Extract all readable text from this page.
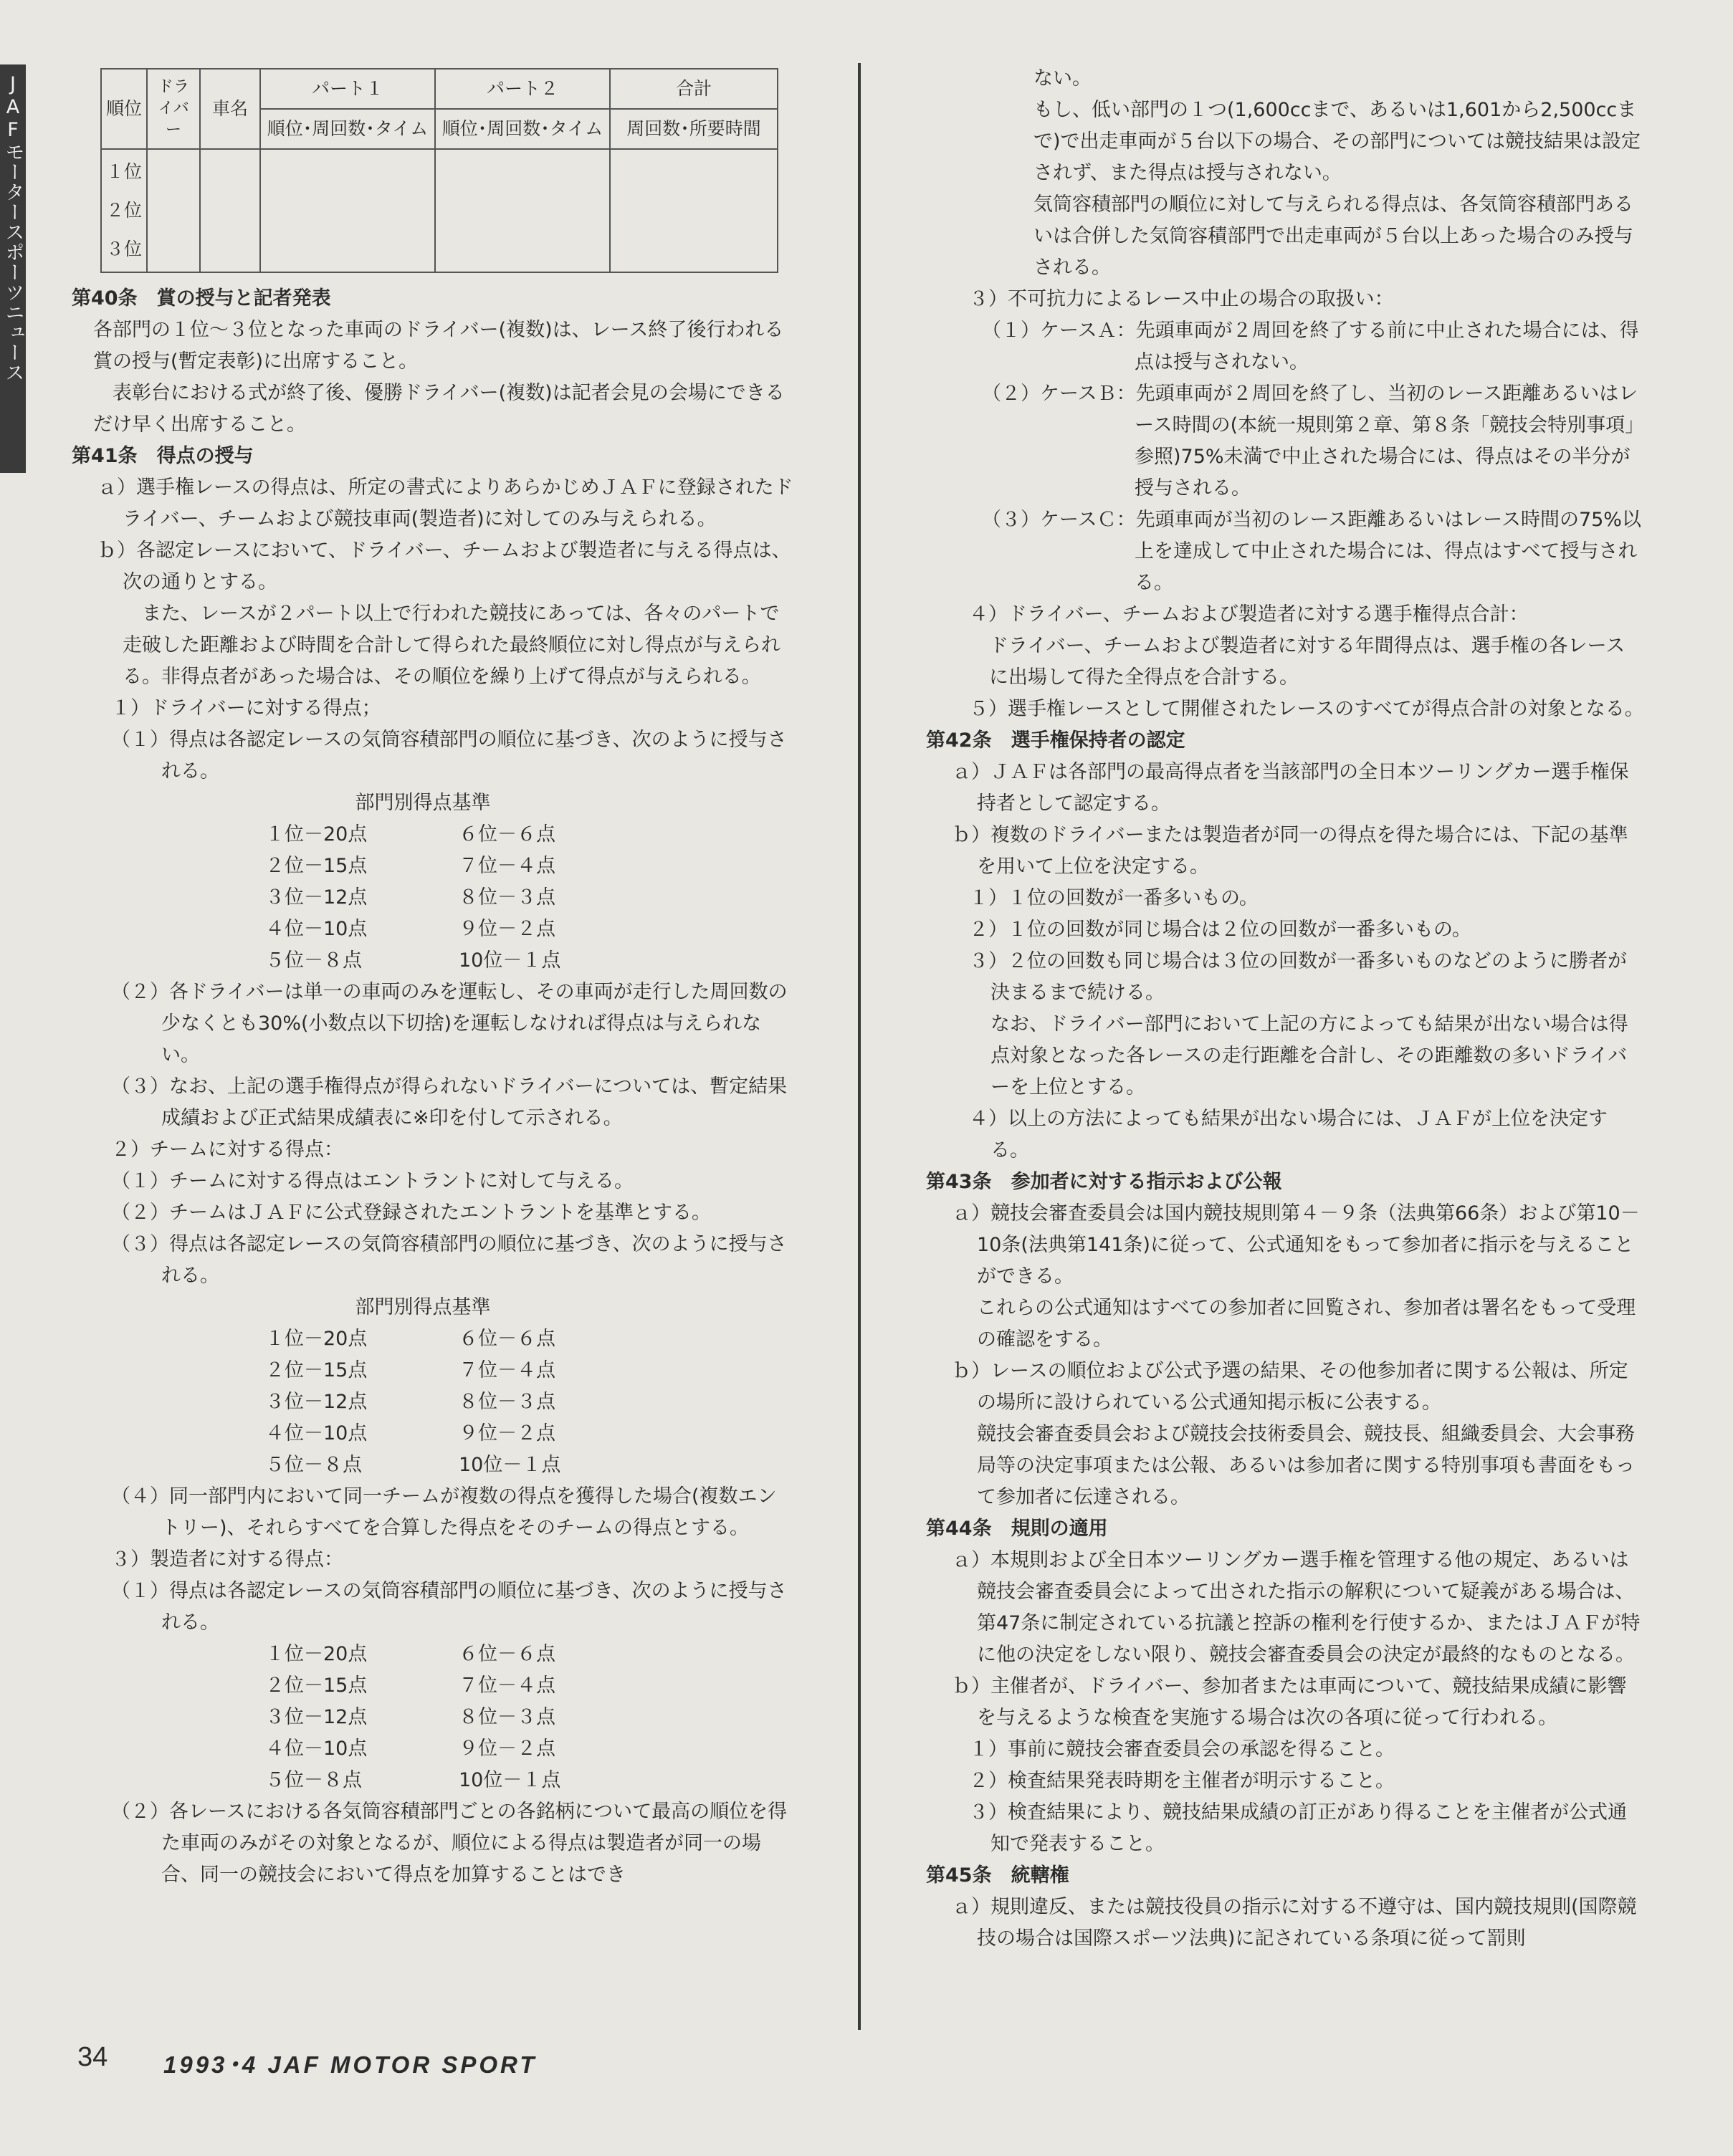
JAFモータースポーツニュース	順位	ドライバー	車名	パート１	パート２	合計
			順位･周回数･タイム	順位･周回数･タイム	周回数･所要時間

１位
２位
３位					

第40条　賞の授与と記者発表

各部門の１位～３位となった車両のドライバー(複数)は、レース終了後行われる賞の授与(暫定表彰)に出席すること。

表彰台における式が終了後、優勝ドライバー(複数)は記者会見の会場にできるだけ早く出席すること。

第41条　得点の授与

ａ）選手権レースの得点は、所定の書式によりあらかじめＪＡＦに登録されたドライバー、チームおよび競技車両(製造者)に対してのみ与えられる。

ｂ）各認定レースにおいて、ドライバー、チームおよび製造者に与える得点は、次の通りとする。

また、レースが２パート以上で行われた競技にあっては、各々のパートで走破した距離および時間を合計して得られた最終順位に対し得点が与えられる。非得点者があった場合は、その順位を繰り上げて得点が与えられる。

１）ドライバーに対する得点；

（１）得点は各認定レースの気筒容積部門の順位に基づき、次のように授与される。

部門別得点基準
１位－20点	６位－６点
２位－15点	７位－４点
３位－12点	８位－３点
４位－10点	９位－２点
５位－８点	10位－１点

（２）各ドライバーは単一の車両のみを運転し、その車両が走行した周回数の少なくとも30%(小数点以下切捨)を運転しなければ得点は与えられない。

（３）なお、上記の選手権得点が得られないドライバーについては、暫定結果成績および正式結果成績表に※印を付して示される。

２）チームに対する得点：

（１）チームに対する得点はエントラントに対して与える。

（２）チームはＪＡＦに公式登録されたエントラントを基準とする。

（３）得点は各認定レースの気筒容積部門の順位に基づき、次のように授与される。

部門別得点基準
１位－20点	６位－６点
２位－15点	７位－４点
３位－12点	８位－３点
４位－10点	９位－２点
５位－８点	10位－１点

（４）同一部門内において同一チームが複数の得点を獲得した場合(複数エントリー)、それらすべてを合算した得点をそのチームの得点とする。

３）製造者に対する得点：

（１）得点は各認定レースの気筒容積部門の順位に基づき、次のように授与される。

１位－20点	６位－６点
２位－15点	７位－４点
３位－12点	８位－３点
４位－10点	９位－２点
５位－８点	10位－１点

（２）各レースにおける各気筒容積部門ごとの各銘柄について最高の順位を得た車両のみがその対象となるが、順位による得点は製造者が同一の場合、同一の競技会において得点を加算することはでき

ない。

もし、低い部門の１つ(1,600ccまで、あるいは1,601から2,500ccまで)で出走車両が５台以下の場合、その部門については競技結果は設定されず、また得点は授与されない。

気筒容積部門の順位に対して与えられる得点は、各気筒容積部門あるいは合併した気筒容積部門で出走車両が５台以上あった場合のみ授与される。

３）不可抗力によるレース中止の場合の取扱い：

（１）ケースＡ：先頭車両が２周回を終了する前に中止された場合には、得点は授与されない。

（２）ケースＢ：先頭車両が２周回を終了し、当初のレース距離あるいはレース時間の(本統一規則第２章、第８条「競技会特別事項」参照)75%未満で中止された場合には、得点はその半分が授与される。

（３）ケースＣ：先頭車両が当初のレース距離あるいはレース時間の75%以上を達成して中止された場合には、得点はすべて授与される。

４）ドライバー、チームおよび製造者に対する選手権得点合計：

ドライバー、チームおよび製造者に対する年間得点は、選手権の各レースに出場して得た全得点を合計する。

５）選手権レースとして開催されたレースのすべてが得点合計の対象となる。

第42条　選手権保持者の認定

ａ）ＪＡＦは各部門の最高得点者を当該部門の全日本ツーリングカー選手権保持者として認定する。

ｂ）複数のドライバーまたは製造者が同一の得点を得た場合には、下記の基準を用いて上位を決定する。

１）１位の回数が一番多いもの。

２）１位の回数が同じ場合は２位の回数が一番多いもの。

３）２位の回数も同じ場合は３位の回数が一番多いものなどのように勝者が決まるまで続ける。

なお、ドライバー部門において上記の方によっても結果が出ない場合は得点対象となった各レースの走行距離を合計し、その距離数の多いドライバーを上位とする。

４）以上の方法によっても結果が出ない場合には、ＪＡＦが上位を決定する。

第43条　参加者に対する指示および公報

ａ）競技会審査委員会は国内競技規則第４－９条（法典第66条）および第10－10条(法典第141条)に従って、公式通知をもって参加者に指示を与えることができる。

これらの公式通知はすべての参加者に回覧され、参加者は署名をもって受理の確認をする。

ｂ）レースの順位および公式予選の結果、その他参加者に関する公報は、所定の場所に設けられている公式通知掲示板に公表する。

競技会審査委員会および競技会技術委員会、競技長、組織委員会、大会事務局等の決定事項または公報、あるいは参加者に関する特別事項も書面をもって参加者に伝達される。

第44条　規則の適用

ａ）本規則および全日本ツーリングカー選手権を管理する他の規定、あるいは競技会審査委員会によって出された指示の解釈について疑義がある場合は、第47条に制定されている抗議と控訴の権利を行使するか、またはＪＡＦが特に他の決定をしない限り、競技会審査委員会の決定が最終的なものとなる。

ｂ）主催者が、ドライバー、参加者または車両について、競技結果成績に影響を与えるような検査を実施する場合は次の各項に従って行われる。

１）事前に競技会審査委員会の承認を得ること。

２）検査結果発表時期を主催者が明示すること。

３）検査結果により、競技結果成績の訂正があり得ることを主催者が公式通知で発表すること。

第45条　統轄権

ａ）規則違反、または競技役員の指示に対する不遵守は、国内競技規則(国際競技の場合は国際スポーツ法典)に記されている条項に従って罰則

34 1993･4 JAF MOTOR SPORT
